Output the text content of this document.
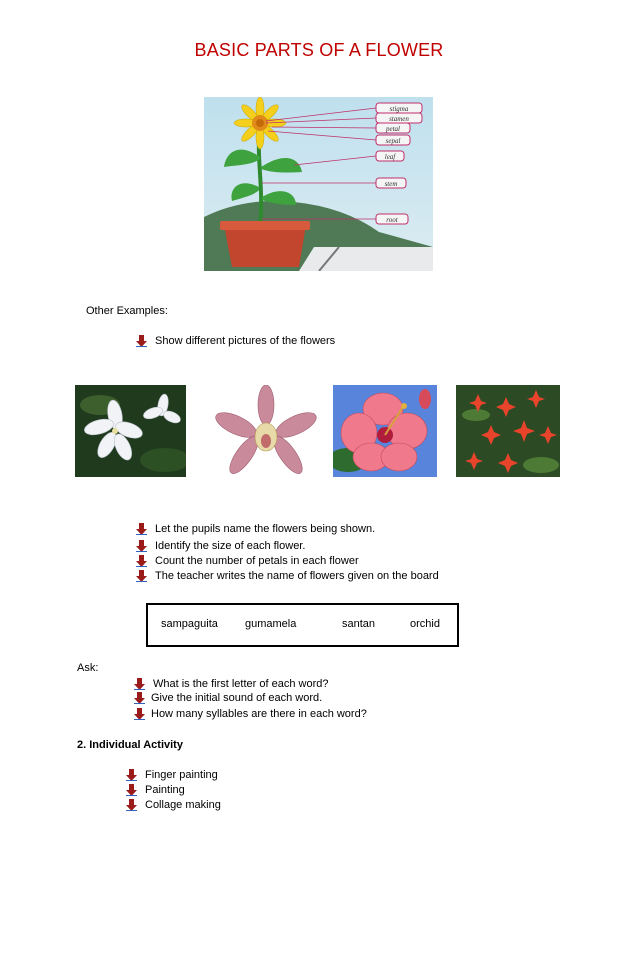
BASIC PARTS OF A FLOWER
stigma
stamen
petal
sepal
leaf
stem
root
Other Examples:
Show different pictures of the flowers
Let the pupils name the flowers being shown.
Identify the size of each flower.
Count the number of petals in each flower
The teacher writes the name of flowers given on the board
sampaguita gumamela	santan	orchid
Ask:
What is the first letter of each word?
Give the initial sound of each word.
How many syllables are there in each word?
2. Individual Activity
Finger painting
Painting
Collage making
